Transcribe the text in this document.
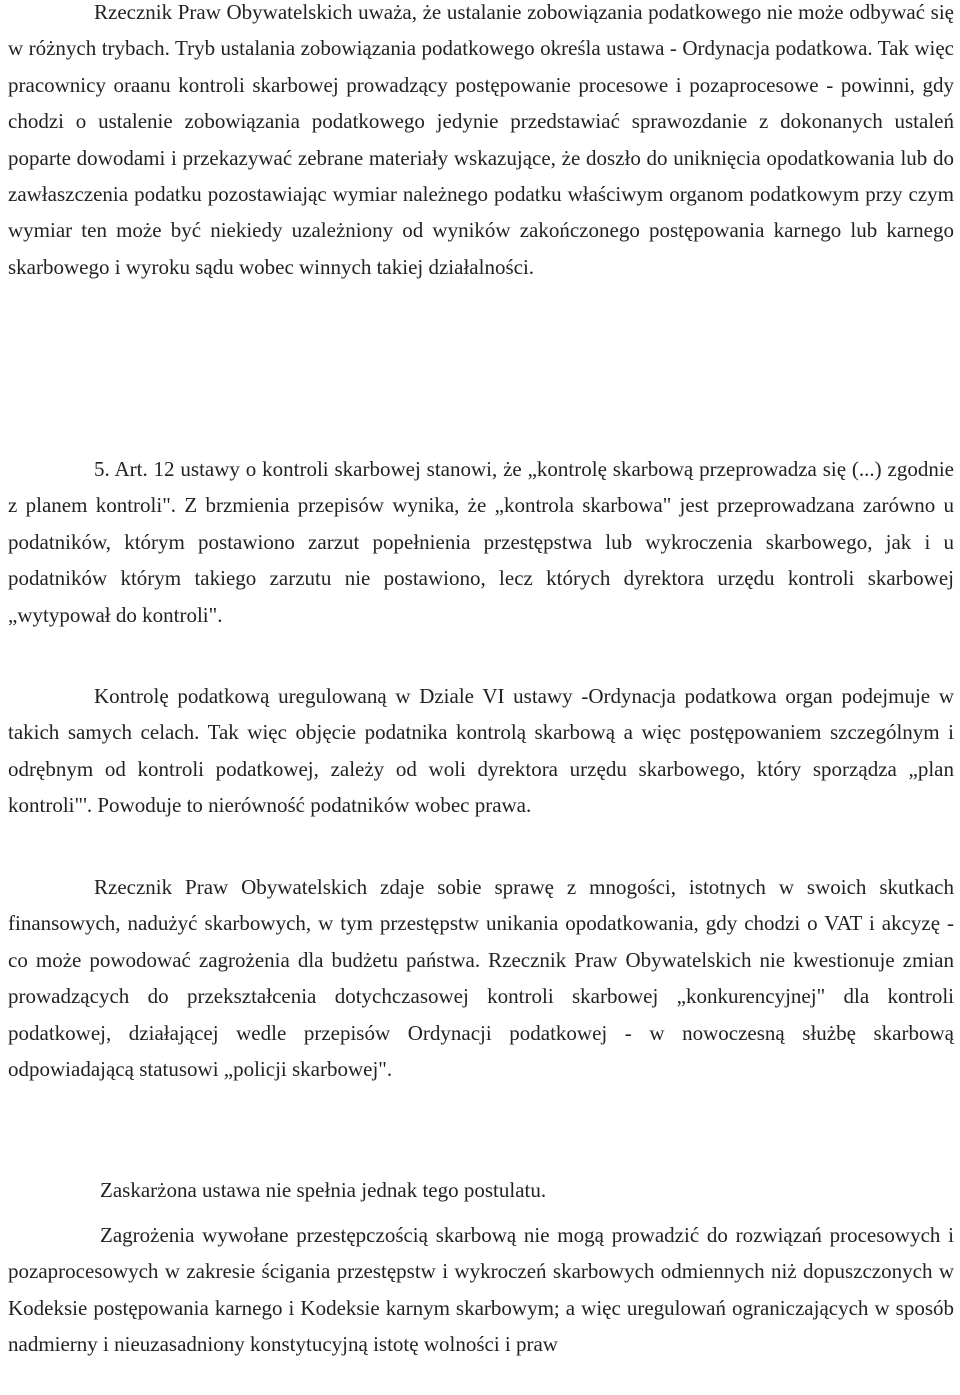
Rzecznik Praw Obywatelskich uważa, że ustalanie zobowiązania podatkowego nie może odbywać się w różnych trybach. Tryb ustalania zobowiązania podatkowego określa ustawa - Ordynacja podatkowa. Tak więc pracownicy oraanu kontroli skarbowej prowadzący postępowanie procesowe i pozaprocesowe - powinni, gdy chodzi o ustalenie zobowiązania podatkowego jedynie przedstawiać sprawozdanie z dokonanych ustaleń poparte dowodami i przekazywać zebrane materiały wskazujące, że doszło do uniknięcia opodatkowania lub do zawłaszczenia podatku pozostawiając wymiar należnego podatku właściwym organom podatkowym przy czym wymiar ten może być niekiedy uzależniony od wyników zakończonego postępowania karnego lub karnego skarbowego i wyroku sądu wobec winnych takiej działalności.

5. Art. 12 ustawy o kontroli skarbowej stanowi, że „kontrolę skarbową przeprowadza się (...) zgodnie z planem kontroli". Z brzmienia przepisów wynika, że „kontrola skarbowa" jest przeprowadzana zarówno u podatników, którym postawiono zarzut popełnienia przestępstwa lub wykroczenia skarbowego, jak i u podatników którym takiego zarzutu nie postawiono, lecz których dyrektora urzędu kontroli skarbowej „wytypował do kontroli".

Kontrolę podatkową uregulowaną w Dziale VI ustawy -Ordynacja podatkowa organ podejmuje w takich samych celach. Tak więc objęcie podatnika kontrolą skarbową a więc postępowaniem szczególnym i odrębnym od kontroli podatkowej, zależy od woli dyrektora urzędu skarbowego, który sporządza „plan kontroli"'. Powoduje to nierówność podatników wobec prawa.

Rzecznik Praw Obywatelskich zdaje sobie sprawę z mnogości, istotnych w swoich skutkach finansowych, nadużyć skarbowych, w tym przestępstw unikania opodatkowania, gdy chodzi o VAT i akcyzę - co może powodować zagrożenia dla budżetu państwa. Rzecznik Praw Obywatelskich nie kwestionuje zmian prowadzących do przekształcenia dotychczasowej kontroli skarbowej „konkurencyjnej" dla kontroli podatkowej, działającej wedle przepisów Ordynacji podatkowej - w nowoczesną służbę skarbową odpowiadającą statusowi „policji skarbowej".

Zaskarżona ustawa nie spełnia jednak tego postulatu.

Zagrożenia wywołane przestępczością skarbową nie mogą prowadzić do rozwiązań procesowych i pozaprocesowych w zakresie ścigania przestępstw i wykroczeń skarbowych odmiennych niż dopuszczonych w Kodeksie postępowania karnego i Kodeksie karnym skarbowym; a więc uregulowań ograniczających w sposób nadmierny i nieuzasadniony konstytucyjną istotę wolności i praw
